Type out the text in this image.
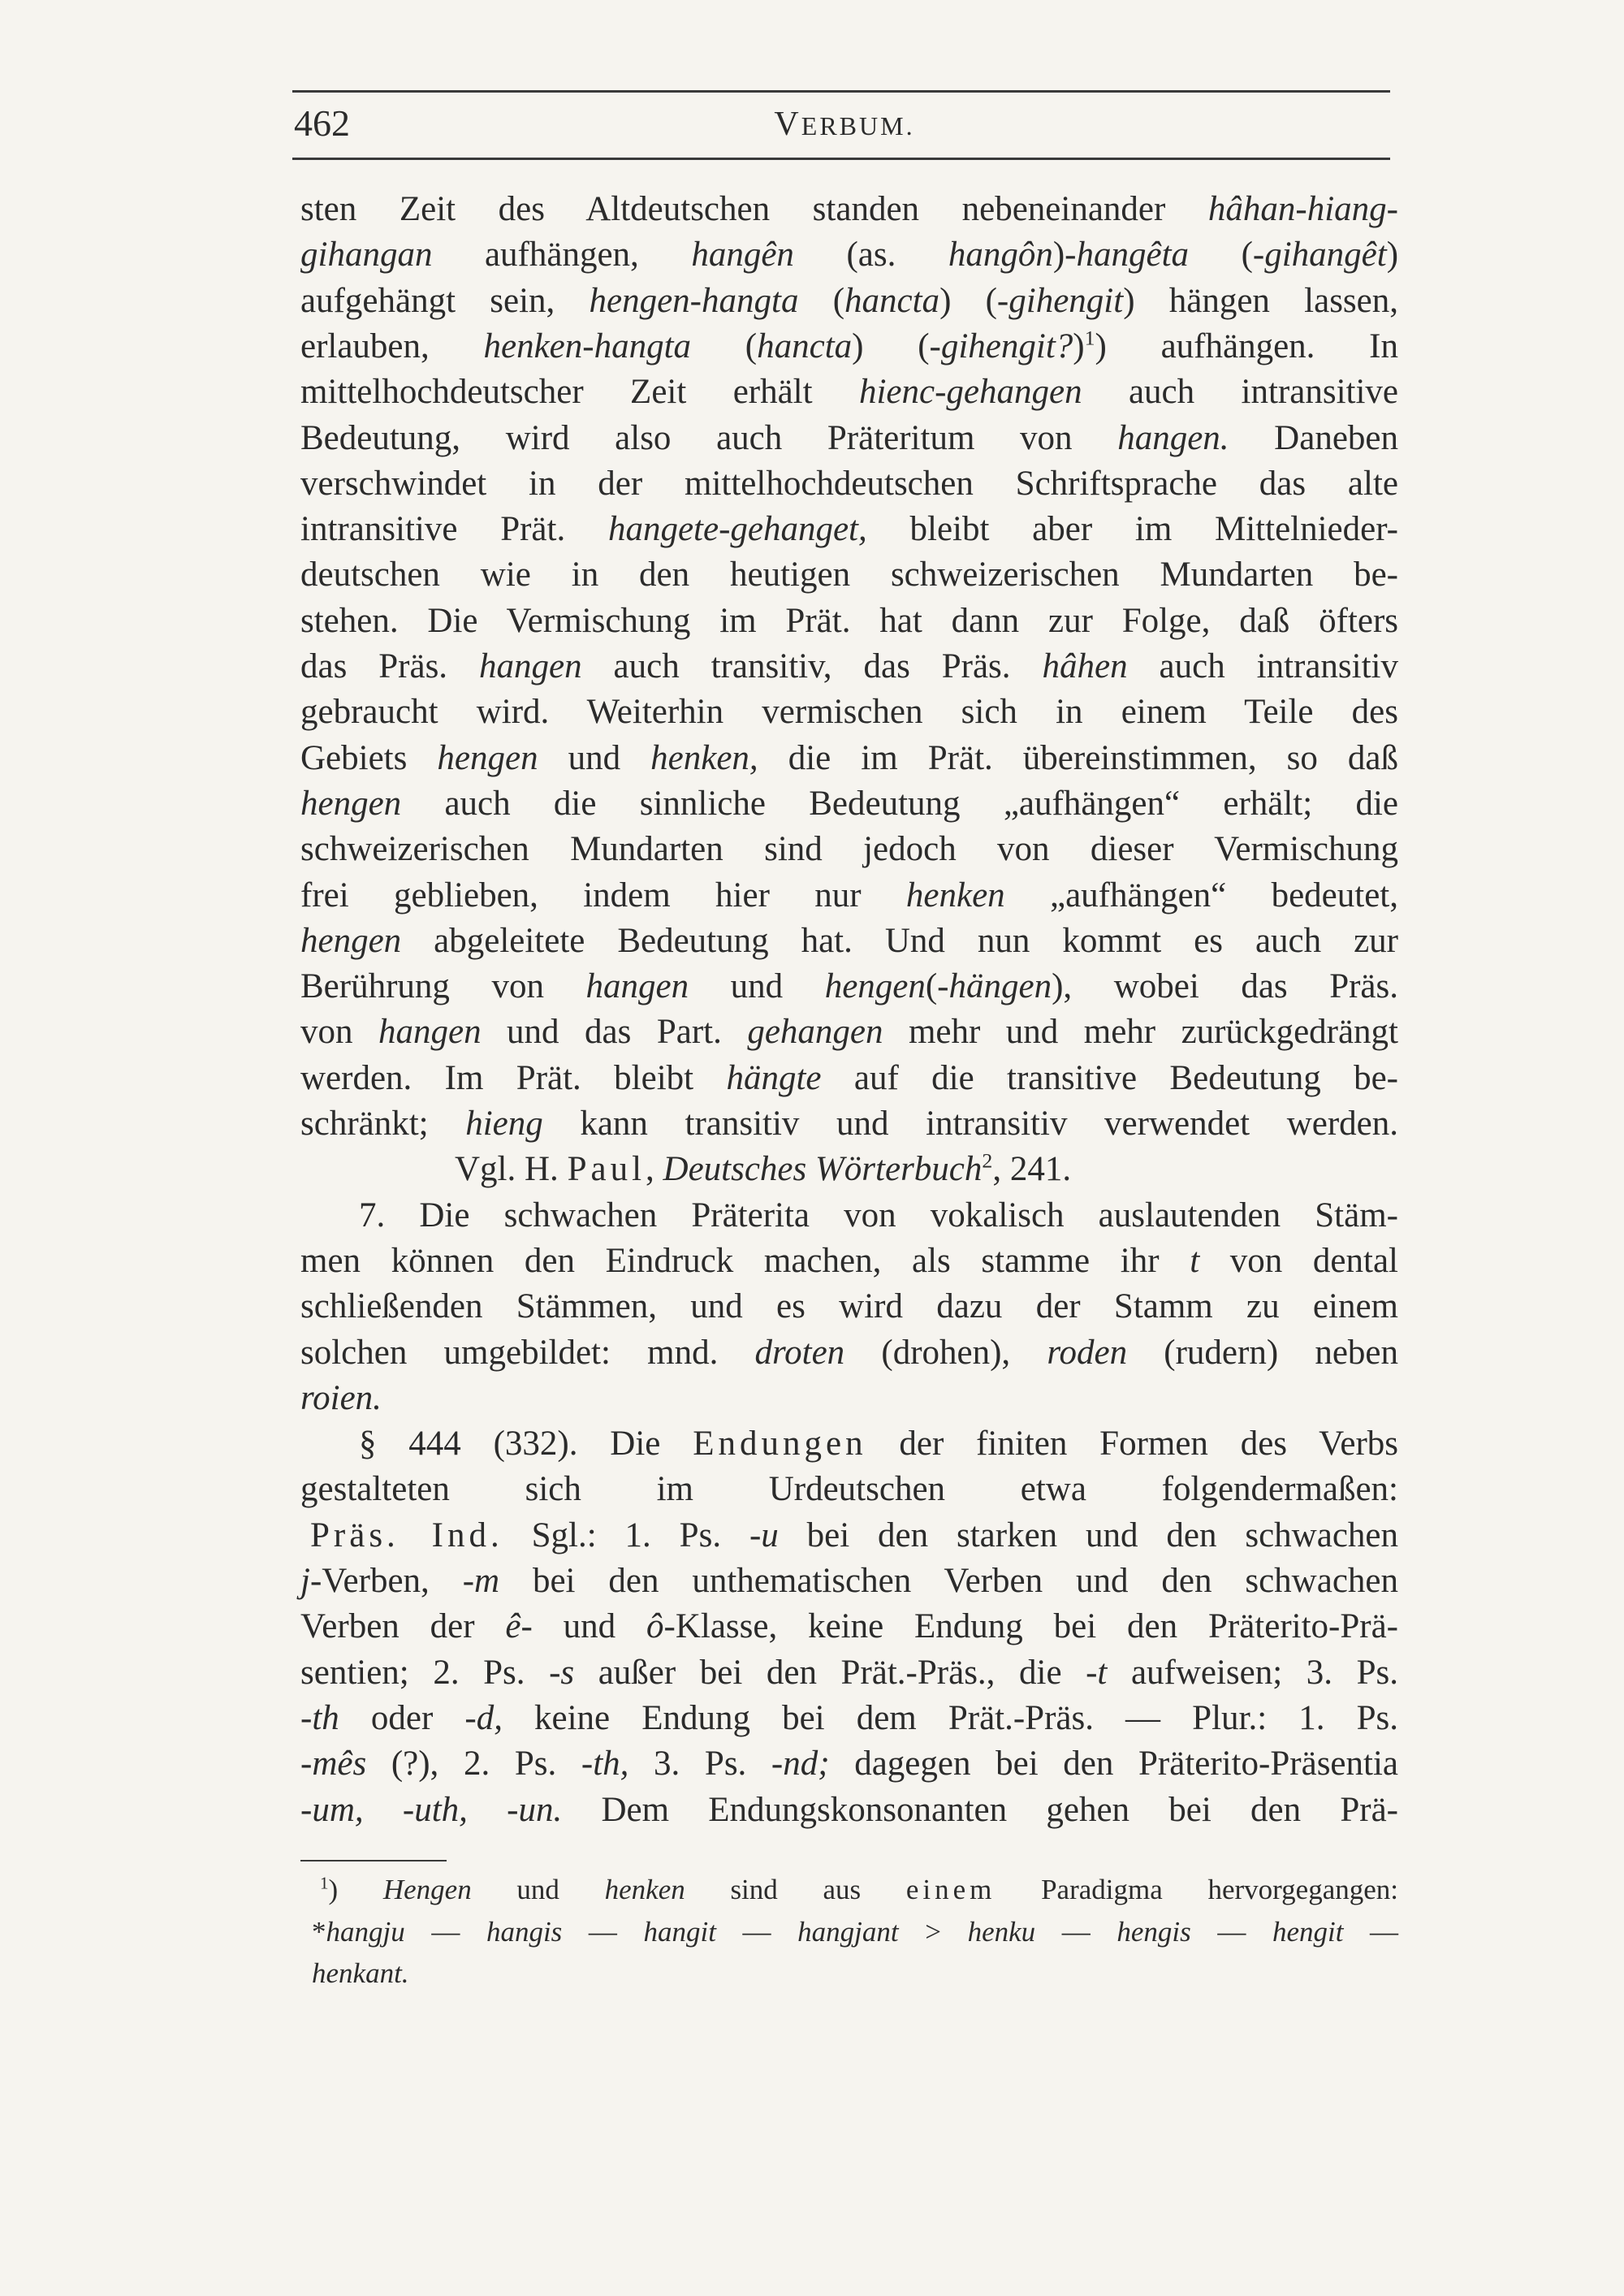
462	VERBUM.
sten Zeit des Altdeutschen standen nebeneinander hâhan-hiang-
gihangan aufhängen, hangên (as. hangôn)-hangêta (-gihangêt)
aufgehängt sein, hengen-hangta (hancta) (-gihengit) hängen lassen,
erlauben, henken-hangta (hancta) (-gihengit?)$^1$) aufhängen. In
mittelhochdeutscher Zeit erhält hienc-gehangen auch intransitive
Bedeutung, wird also auch Präteritum von hangen. Daneben
verschwindet in der mittelhochdeutschen Schriftsprache das alte
intransitive Prät. hangete-gehanget, bleibt aber im Mittelnieder-
deutschen wie in den heutigen schweizerischen Mundarten be-
stehen. Die Vermischung im Prät. hat dann zur Folge, daß öfters
das Präs. hangen auch transitiv, das Präs. hâhen auch intransitiv
gebraucht wird. Weiterhin vermischen sich in einem Teile des
Gebiets hengen und henken, die im Prät. übereinstimmen, so daß
hengen auch die sinnliche Bedeutung „aufhängen“ erhält; die
schweizerischen Mundarten sind jedoch von dieser Vermischung
frei geblieben, indem hier nur henken „aufhängen“ bedeutet,
hengen abgeleitete Bedeutung hat. Und nun kommt es auch zur
Berührung von hangen und hengen(-hängen), wobei das Präs.
von hangen und das Part. gehangen mehr und mehr zurückgedrängt
werden. Im Prät. bleibt hängte auf die transitive Bedeutung be-
schränkt; hieng kann transitiv und intransitiv verwendet werden.
Vgl. H. Paul, Deutsches Wörterbuch$^2$, 241.
7. Die schwachen Präterita von vokalisch auslautenden Stäm-
men können den Eindruck machen, als stamme ihr t von dental
schließenden Stämmen, und es wird dazu der Stamm zu einem
solchen umgebildet: mnd. droten (drohen), roden (rudern) neben
roien.
§ 444 (332). Die Endungen der finiten Formen des Verbs
gestalteten sich im Urdeutschen etwa folgendermaßen:
Präs. Ind. Sgl.: 1. Ps. -u bei den starken und den schwachen
j-Verben, -m bei den unthematischen Verben und den schwachen
Verben der ê- und ô-Klasse, keine Endung bei den Präterito-Prä-
sentien; 2. Ps. -s außer bei den Prät.-Präs., die -t aufweisen; 3. Ps.
-th oder -d, keine Endung bei dem Prät.-Präs. — Plur.: 1. Ps.
-mês (?), 2. Ps. -th, 3. Ps. -nd; dagegen bei den Präterito-Präsentia
-um, -uth, -un. Dem Endungskonsonanten gehen bei den Prä-
$^1$) Hengen und henken sind aus einem Paradigma hervorgegangen:
*hangju — hangis — hangit — hangjant > henku — hengis — hengit —
henkant.
